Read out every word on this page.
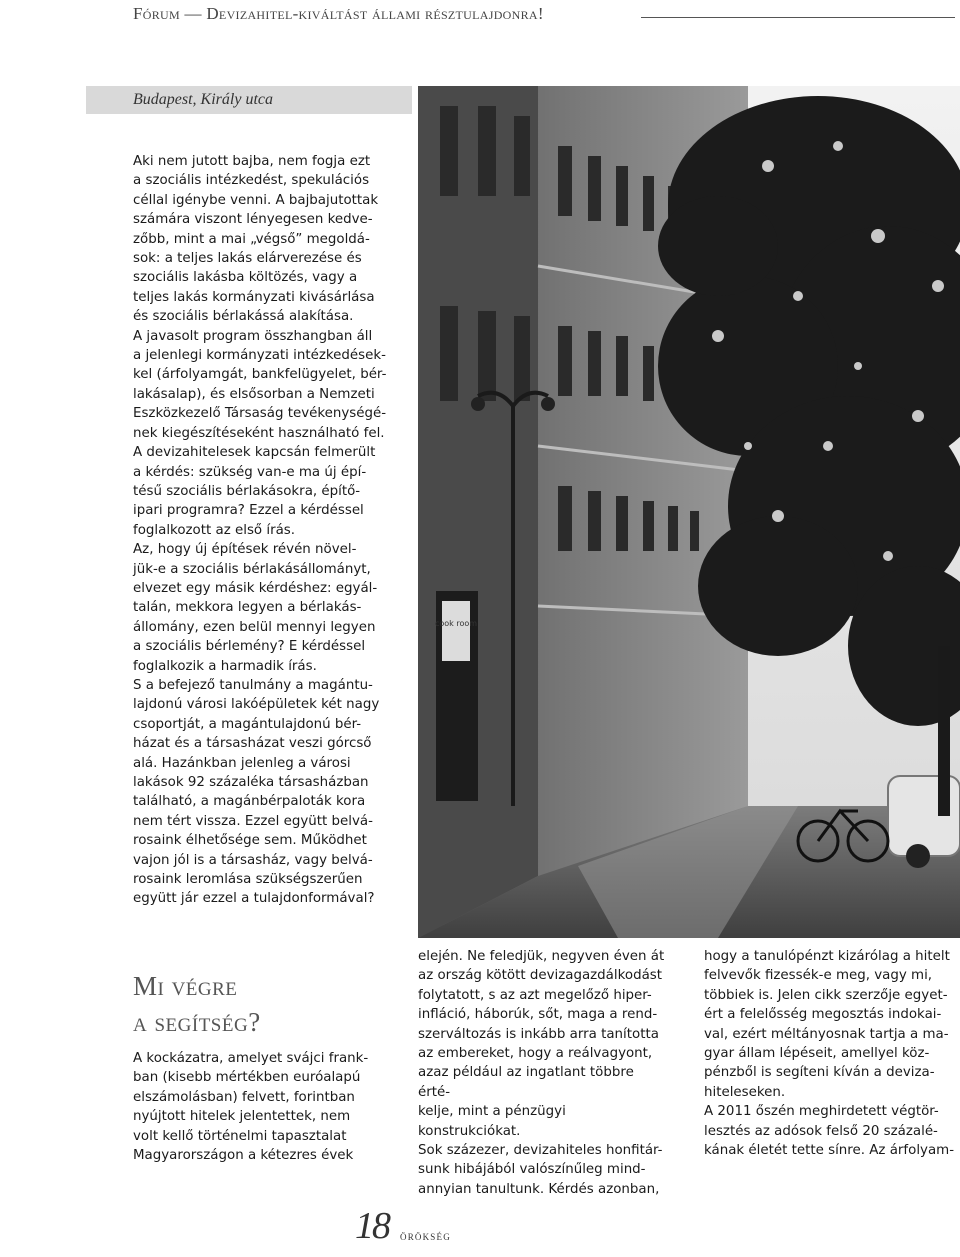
Fórum — Devizahitel-kiváltást állami résztulajdonra!
Budapest, Király utca
cook room

Aki nem jutott bajba, nem fogja ezt

a szociális intézkedést, spekulációs

céllal igénybe venni. A bajbajutottak

számára viszont lényegesen kedve-

zőbb, mint a mai „végső” megoldá-

sok: a teljes lakás elárverezése és

szociális lakásba költözés, vagy a

teljes lakás kormányzati kivásárlása

és szociális bérlakássá alakítása.

A javasolt program összhangban áll

a jelenlegi kormányzati intézkedések-

kel (árfolyamgát, bankfelügyelet, bér-

lakásalap), és elsősorban a Nemzeti

Eszközkezelő Társaság tevékenységé-

nek kiegészítéseként használható fel.

A devizahitelesek kapcsán felmerült

a kérdés: szükség van-e ma új épí-

tésű szociális bérlakásokra, építő-

ipari programra? Ezzel a kérdéssel

foglalkozott az első írás.

Az, hogy új építések révén növel-

jük-e a szociális bérlakásállományt,

elvezet egy másik kérdéshez: egyál-

talán, mekkora legyen a bérlakás-

állomány, ezen belül mennyi legyen

a szociális bérlemény? E kérdéssel

foglalkozik a harmadik írás.

S a befejező tanulmány a magántu-

lajdonú városi lakóépületek két nagy

csoportját, a magántulajdonú bér-

házat és a társasházat veszi górcső

alá. Hazánkban jelenleg a városi

lakások 92 százaléka társasházban

található, a magánbérpaloták kora

nem tért vissza. Ezzel együtt belvá-

rosaink élhetősége sem. Működhet

vajon jól is a társasház, vagy belvá-

rosaink leromlása szükségszerűen

együtt jár ezzel a tulajdonformával?

Mi végre
a segítség?

A kockázatra, amelyet svájci frank-

ban (kisebb mértékben euróalapú

elszámolásban) felvett, forintban

nyújtott hitelek jelentettek, nem

volt kellő történelmi tapasztalat

Magyarországon a kétezres évek

elején. Ne feledjük, negyven éven át

az ország kötött devizagazdálkodást

folytatott, s az azt megelőző hiper-

infláció, háborúk, sőt, maga a rend-

szerváltozás is inkább arra tanította

az embereket, hogy a reálvagyont,

azaz például az ingatlant többre érté-

kelje, mint a pénzügyi konstrukciókat.

Sok százezer, devizahiteles honfitár-

sunk hibájából valószínűleg mind-

annyian tanultunk. Kérdés azonban,

hogy a tanulópénzt kizárólag a hitelt

felvevők fizessék-e meg, vagy mi,

többiek is. Jelen cikk szerzője egyet-

ért a felelősség megosztás indokai-

val, ezért méltányosnak tartja a ma-

gyar állam lépéseit, amellyel köz-

pénzből is segíteni kíván a deviza-

hiteleseken.

A 2011 őszén meghirdetett végtör-

lesztés az adósok felső 20 százalé-

kának életét tette sínre. Az árfolyam-

18 ÖRÖKSÉG
